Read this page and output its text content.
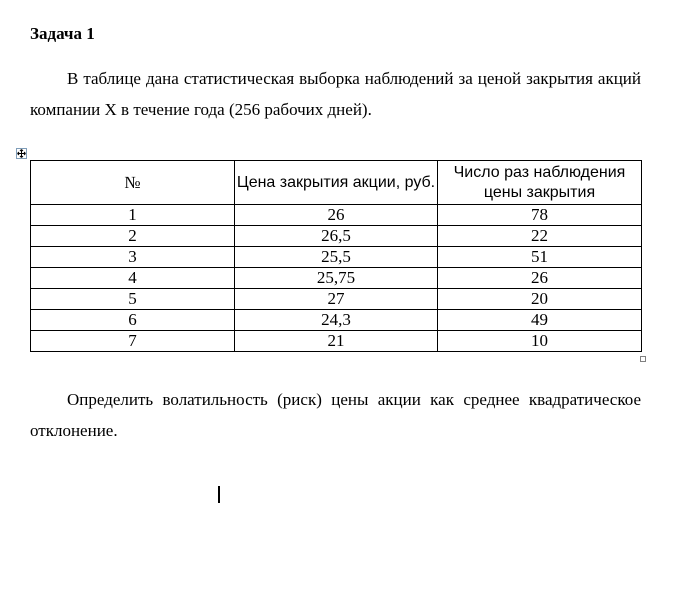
Задача 1

В таблице дана статистическая выборка наблюдений за ценой закрытия акций компании X в течение года (256 рабочих дней).

№	Цена закрытия акции, руб.	Число раз наблюдения цены закрытия
1	26	78
2	26,5	22
3	25,5	51
4	25,75	26
5	27	20
6	24,3	49
7	21	10

Определить волатильность (риск) цены акции как среднее квадратическое отклонение.
